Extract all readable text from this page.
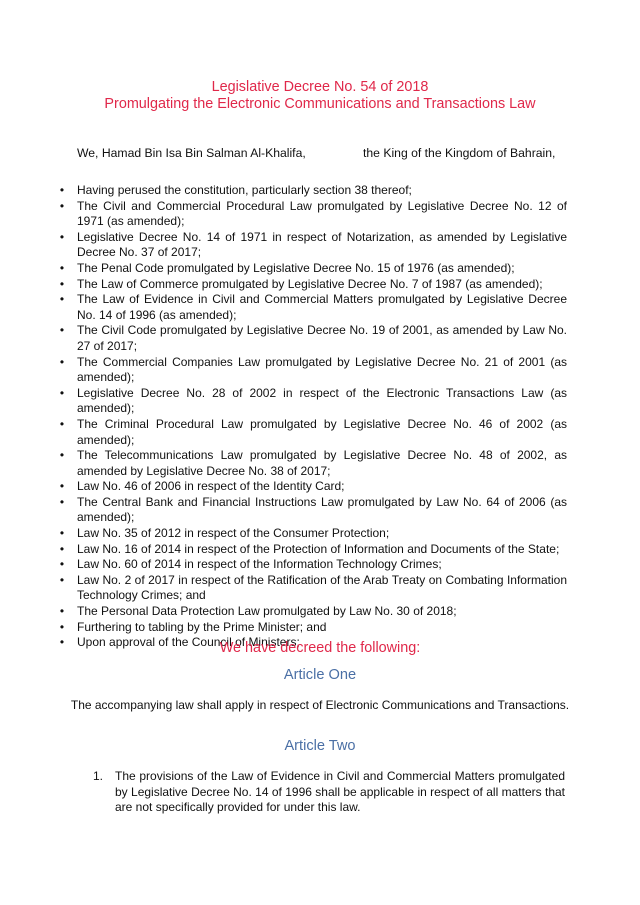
Legislative Decree No. 54 of 2018
Promulgating the Electronic Communications and Transactions Law
We, Hamad Bin Isa Bin Salman Al-Khalifa,	the King of the Kingdom of Bahrain,
• Having perused the constitution, particularly section 38 thereof;
• The Civil and Commercial Procedural Law promulgated by Legislative Decree No. 12 of 1971 (as amended);
• Legislative Decree No. 14 of 1971 in respect of Notarization, as amended by Legislative Decree No. 37 of 2017;
• The Penal Code promulgated by Legislative Decree No. 15 of 1976 (as amended);
• The Law of Commerce promulgated by Legislative Decree No. 7 of 1987 (as amended);
• The Law of Evidence in Civil and Commercial Matters promulgated by Legislative Decree No. 14 of 1996 (as amended);
• The Civil Code promulgated by Legislative Decree No. 19 of 2001, as amended by Law No. 27 of 2017;
• The Commercial Companies Law promulgated by Legislative Decree No. 21 of 2001 (as amended);
• Legislative Decree No. 28 of 2002 in respect of the Electronic Transactions Law (as amended);
• The Criminal Procedural Law promulgated by Legislative Decree No. 46 of 2002 (as amended);
• The Telecommunications Law promulgated by Legislative Decree No. 48 of 2002, as amended by Legislative Decree No. 38 of 2017;
• Law No. 46 of 2006 in respect of the Identity Card;
• The Central Bank and Financial Instructions Law promulgated by Law No. 64 of 2006 (as amended);
• Law No. 35 of 2012 in respect of the Consumer Protection;
• Law No. 16 of 2014 in respect of the Protection of Information and Documents of the State;
• Law No. 60 of 2014 in respect of the Information Technology Crimes;
• Law No. 2 of 2017 in respect of the Ratification of the Arab Treaty on Combating Information Technology Crimes; and
• The Personal Data Protection Law promulgated by Law No. 30 of 2018;
• Furthering to tabling by the Prime Minister; and
• Upon approval of the Council of Ministers;
We have decreed the following:
Article One
The accompanying law shall apply in respect of Electronic Communications and Transactions.
Article Two
1. The provisions of the Law of Evidence in Civil and Commercial Matters promulgated by Legislative Decree No. 14 of 1996 shall be applicable in respect of all matters that are not specifically provided for under this law.
